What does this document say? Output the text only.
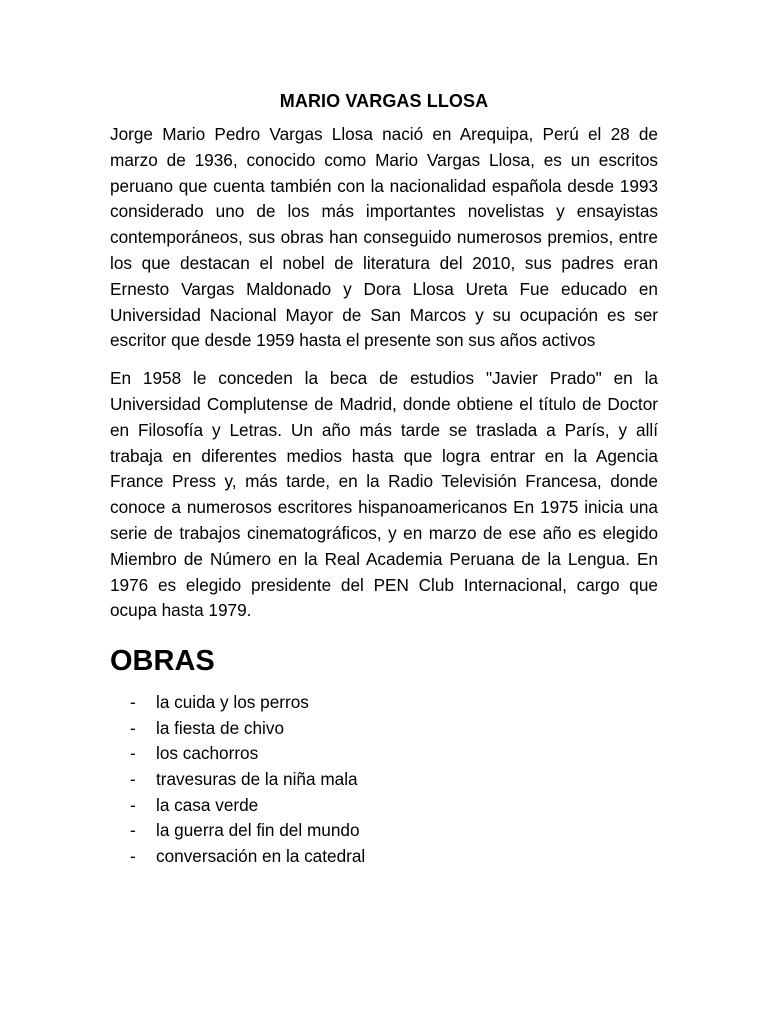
MARIO VARGAS LLOSA

Jorge Mario Pedro Vargas Llosa nació en Arequipa, Perú el 28 de marzo de 1936, conocido como Mario Vargas Llosa, es un escritos peruano que cuenta también con la nacionalidad española desde 1993 considerado uno de los más importantes novelistas y ensayistas contemporáneos, sus obras han conseguido numerosos premios, entre los que destacan el nobel de literatura del 2010, sus padres eran Ernesto Vargas Maldonado y Dora Llosa Ureta Fue educado en Universidad Nacional Mayor de San Marcos y su ocupación es ser escritor que desde 1959 hasta el presente son sus años activos

En 1958 le conceden la beca de estudios "Javier Prado" en la Universidad Complutense de Madrid, donde obtiene el título de Doctor en Filosofía y Letras. Un año más tarde se traslada a París, y allí trabaja en diferentes medios hasta que logra entrar en la Agencia France Press y, más tarde, en la Radio Televisión Francesa, donde conoce a numerosos escritores hispanoamericanos En 1975 inicia una serie de trabajos cinematográficos, y en marzo de ese año es elegido Miembro de Número en la Real Academia Peruana de la Lengua. En 1976 es elegido presidente del PEN Club Internacional, cargo que ocupa hasta 1979.

OBRAS
-	la cuida y los perros
-	la fiesta de chivo
-	los cachorros
-	travesuras de la niña mala
-	la casa verde
-	la guerra del fin del mundo
-	conversación en la catedral
